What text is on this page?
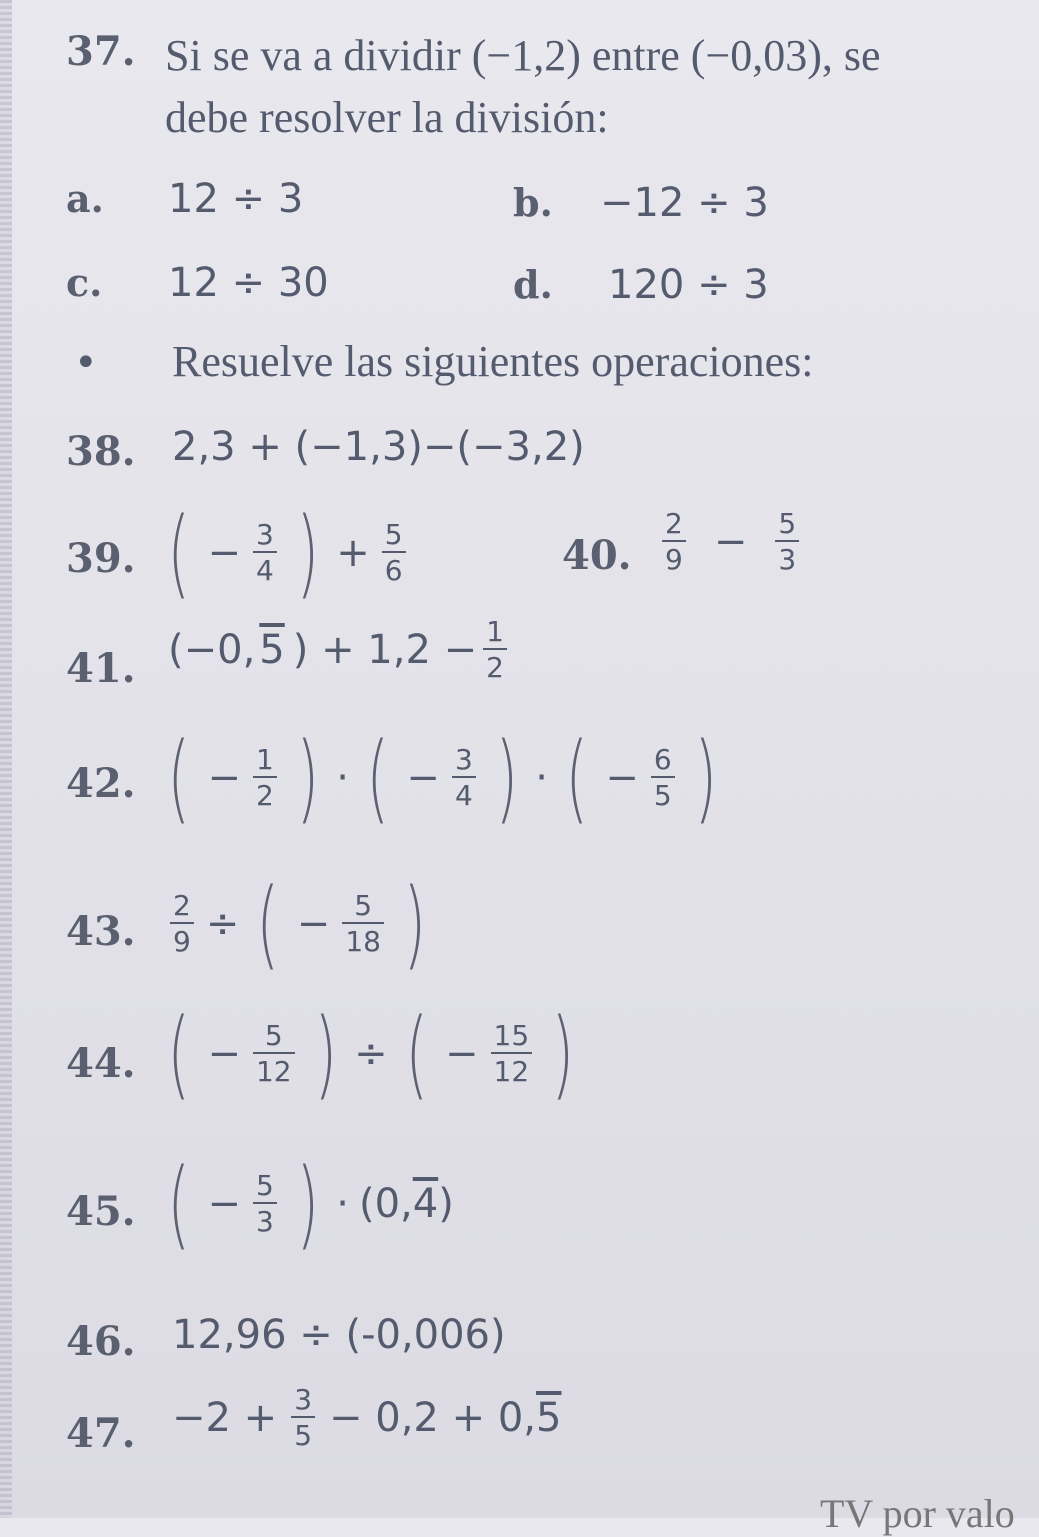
37. Si se va a dividir (−1,2) entre (−0,03), se
debe resolver la división:
a. 12 ÷ 3	b. −12 ÷ 3
c. 12 ÷ 30	d. 120 ÷ 3
• Resuelve las siguientes operaciones:
38. 2,3 + (−1,3)−(−3,2)
39. ( − $\frac{3}{4}$ ) + $\frac{5}{6}$	40. $\frac{2}{9} - \frac{5}{3}$
41. (−0, 5 ) + $1,2 - \frac{1}{2}$
42. ( − $\frac{1}{2}$ ) · ( − $\frac{3}{4}$ ) · ( − $\frac{6}{5}$ )
43. $\frac{2}{9}$ ÷ ( − $\frac{5}{18}$ )
44. ( − $\frac{5}{12}$ ) ÷ ( − $\frac{15}{12}$ )
45. ( − $\frac{5}{3}$ ) · (0, 4 )
46. 12,96 ÷ (-0,006)
47. $-2 + \frac{3}{5} - 0,2 + 0$, 5
TV por valo
